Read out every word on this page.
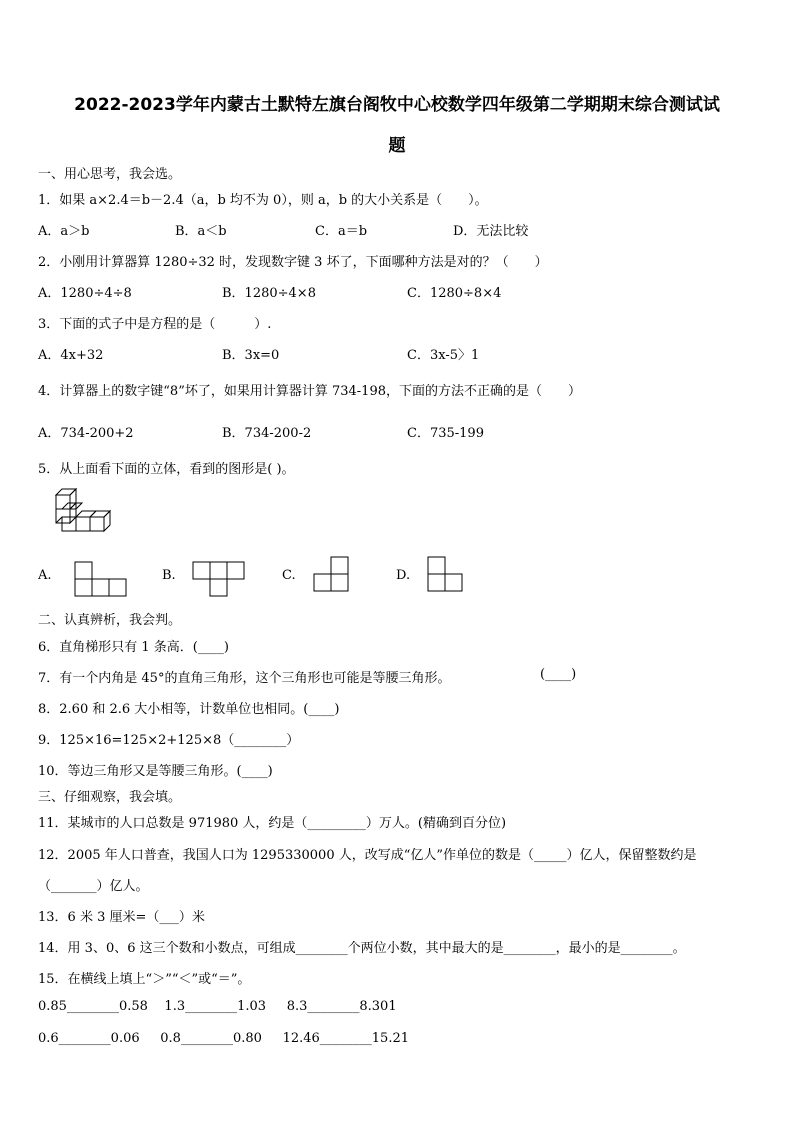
2022-2023学年内蒙古土默特左旗台阁牧中心校数学四年级第二学期期末综合测试试
题
一、用心思考，我会选。
1．如果 a×2.4＝b－2.4（a，b 均不为 0），则 a，b 的大小关系是（　　）。
A．a＞b	B．a＜b	C．a＝b	D．无法比较
2．小刚用计算器算 1280÷32 时，发现数字键 3 坏了，下面哪种方法是对的？（　　）
A．1280÷4÷8	B．1280÷4×8	C．1280÷8×4
3．下面的式子中是方程的是（　　　）.
A．4x+32	B．3x=0	C．3x-5〉1
4．计算器上的数字键“8”坏了，如果用计算器计算 734-198，下面的方法不正确的是（　　）
A．734-200+2	B．734-200-2	C．735-199
5．从上面看下面的立体，看到的图形是( )。
A.	B.	C.	D.
二、认真辨析，我会判。
6．直角梯形只有 1 条高．(____)
7．有一个内角是 45°的直角三角形，这个三角形也可能是等腰三角形。	(____)
8．2.60 和 2.6 大小相等，计数单位也相同。(____)
9．125×16=125×2+125×8（________）
10．等边三角形又是等腰三角形。(____)
三、仔细观察，我会填。
11．某城市的人口总数是 971980 人，约是（_________）万人。(精确到百分位)
12．2005 年人口普查，我国人口为 1295330000 人，改写成“亿人”作单位的数是（_____）亿人，保留整数约是
（_______）亿人。
13．6 米 3 厘米=（___）米
14．用 3、0、6 这三个数和小数点，可组成________个两位小数，其中最大的是________，最小的是________。
15．在横线上填上“＞”“＜”或“＝”。
0.85________0.58    1.3________1.03     8.3________8.301
0.6________0.06     0.8________0.80     12.46________15.21
